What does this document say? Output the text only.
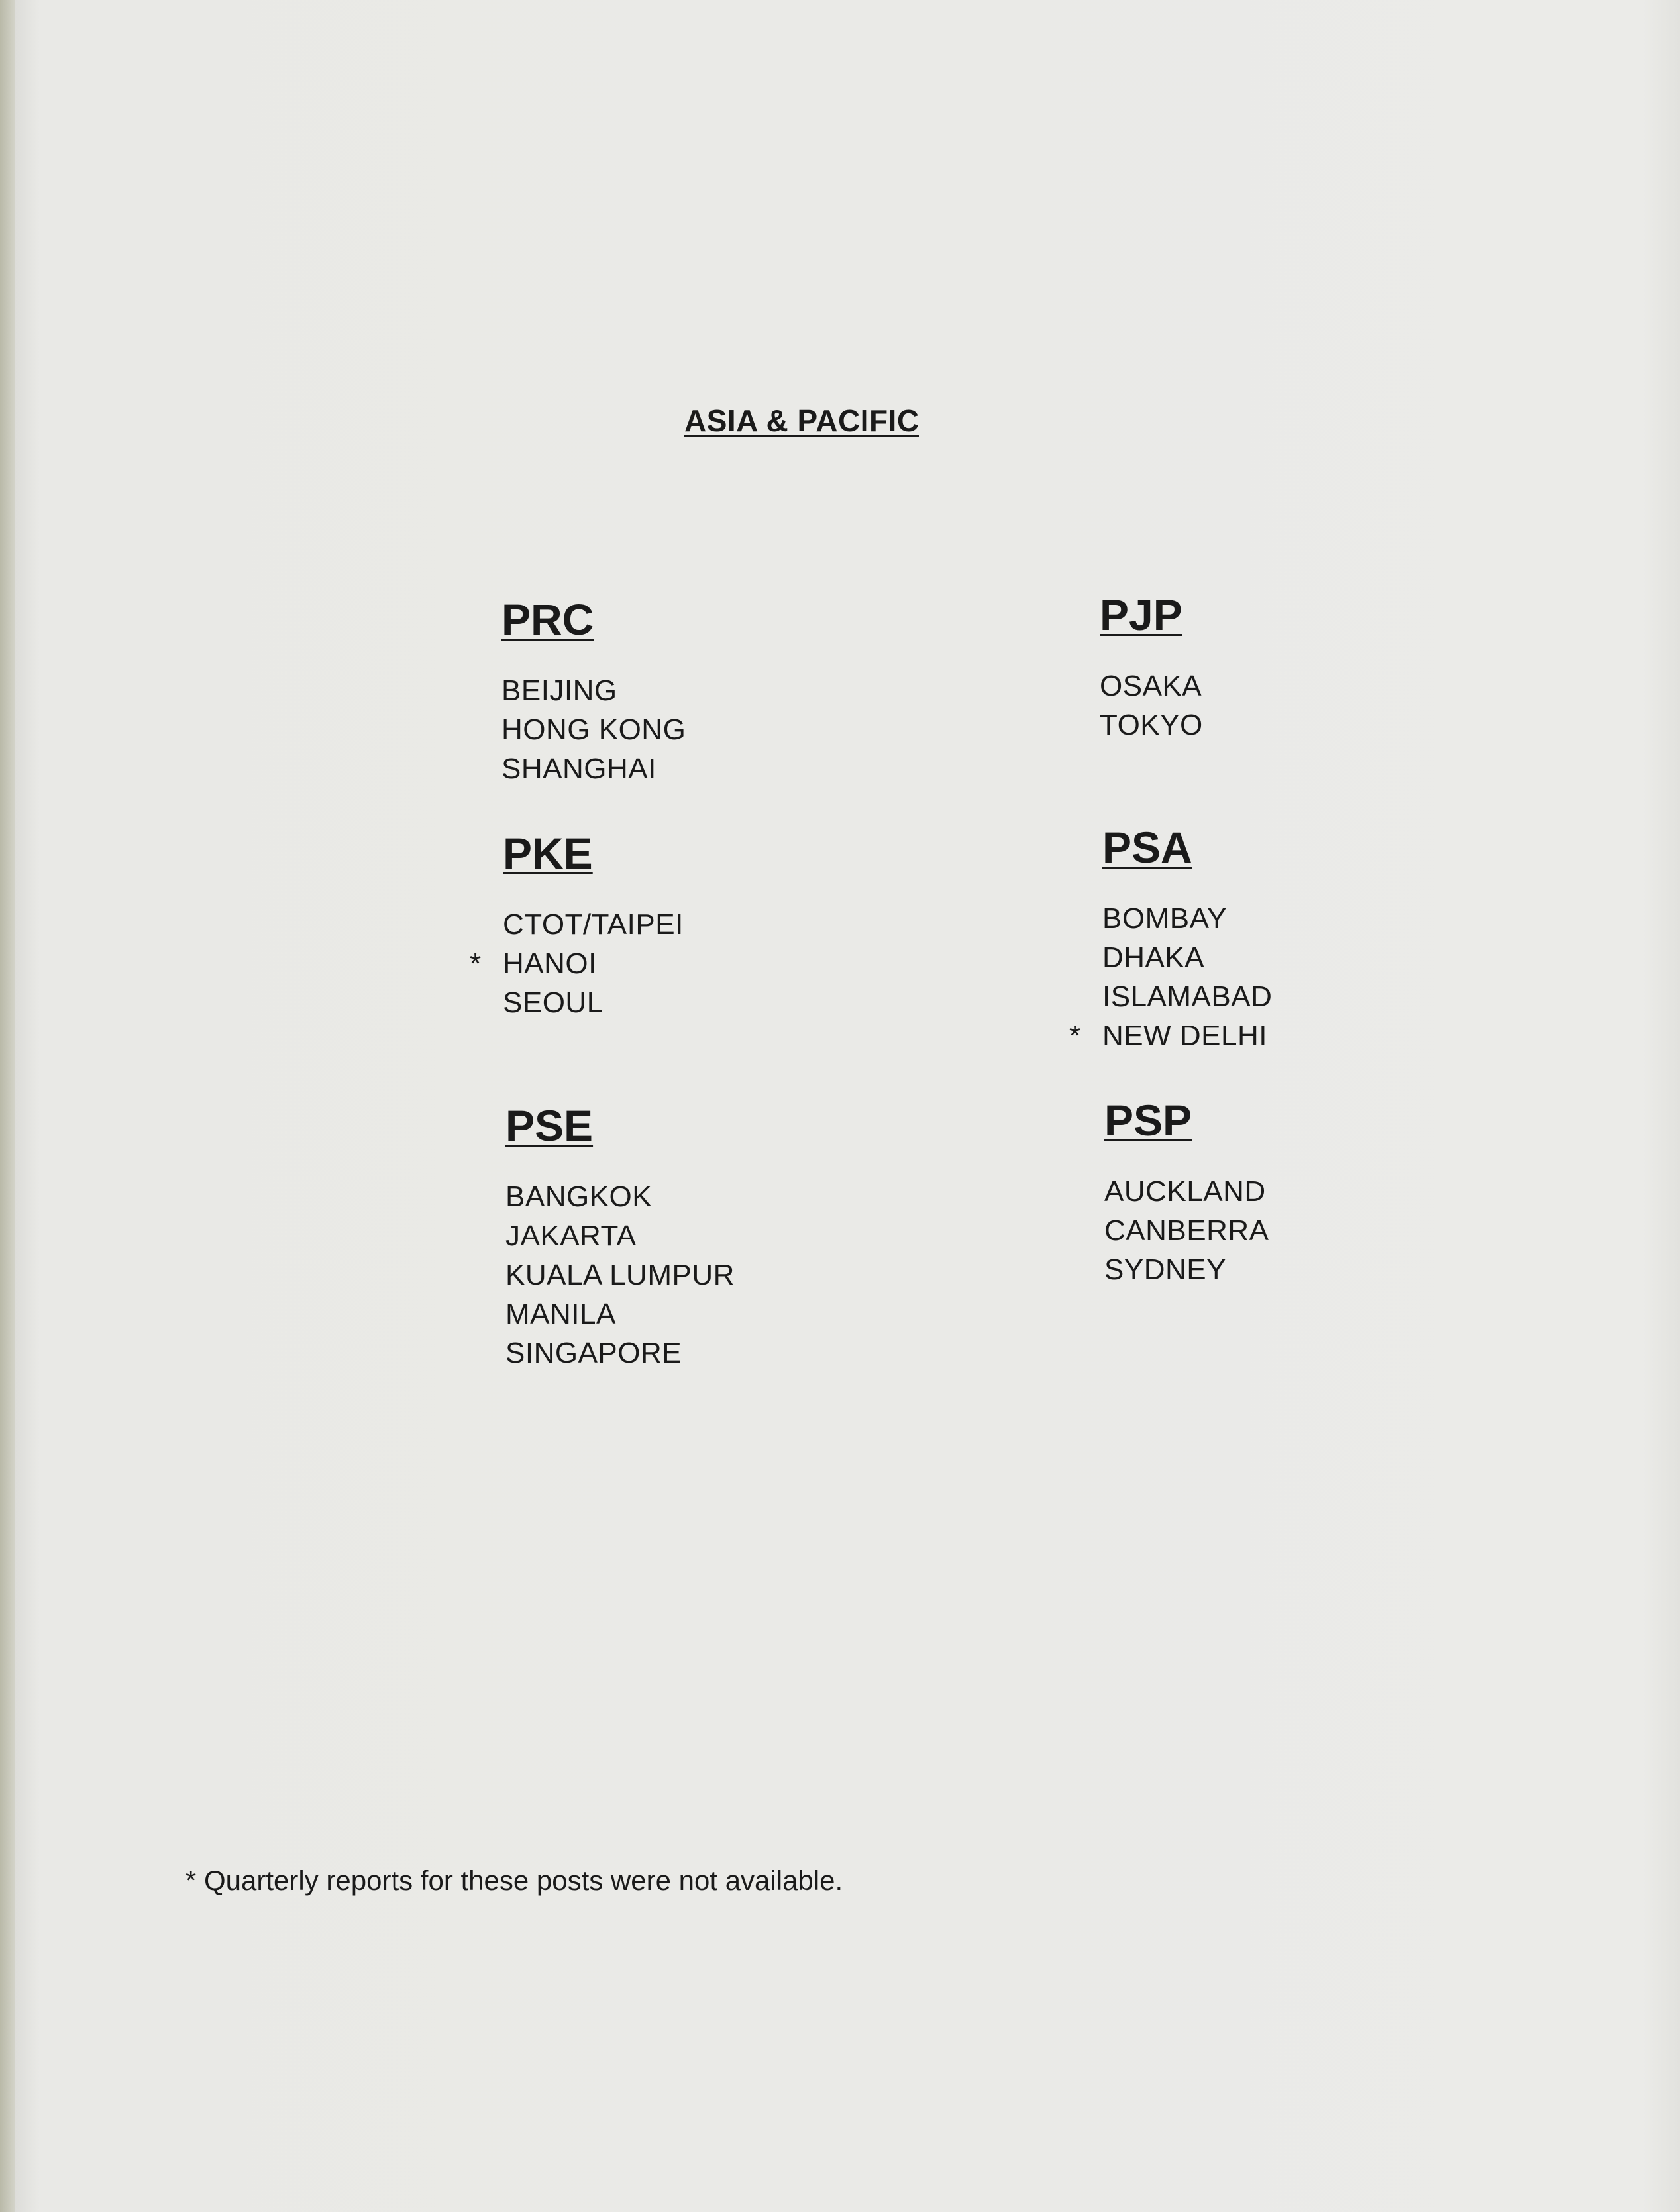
ASIA & PACIFIC
PRC
BEIJING
HONG KONG
SHANGHAI
PJP
OSAKA
TOKYO
PKE
CTOT/TAIPEI
* HANOI
SEOUL
PSA
BOMBAY
DHAKA
ISLAMABAD
* NEW DELHI
PSE
BANGKOK
JAKARTA
KUALA LUMPUR
MANILA
SINGAPORE
PSP
AUCKLAND
CANBERRA
SYDNEY

* Quarterly reports for these posts were not available.
